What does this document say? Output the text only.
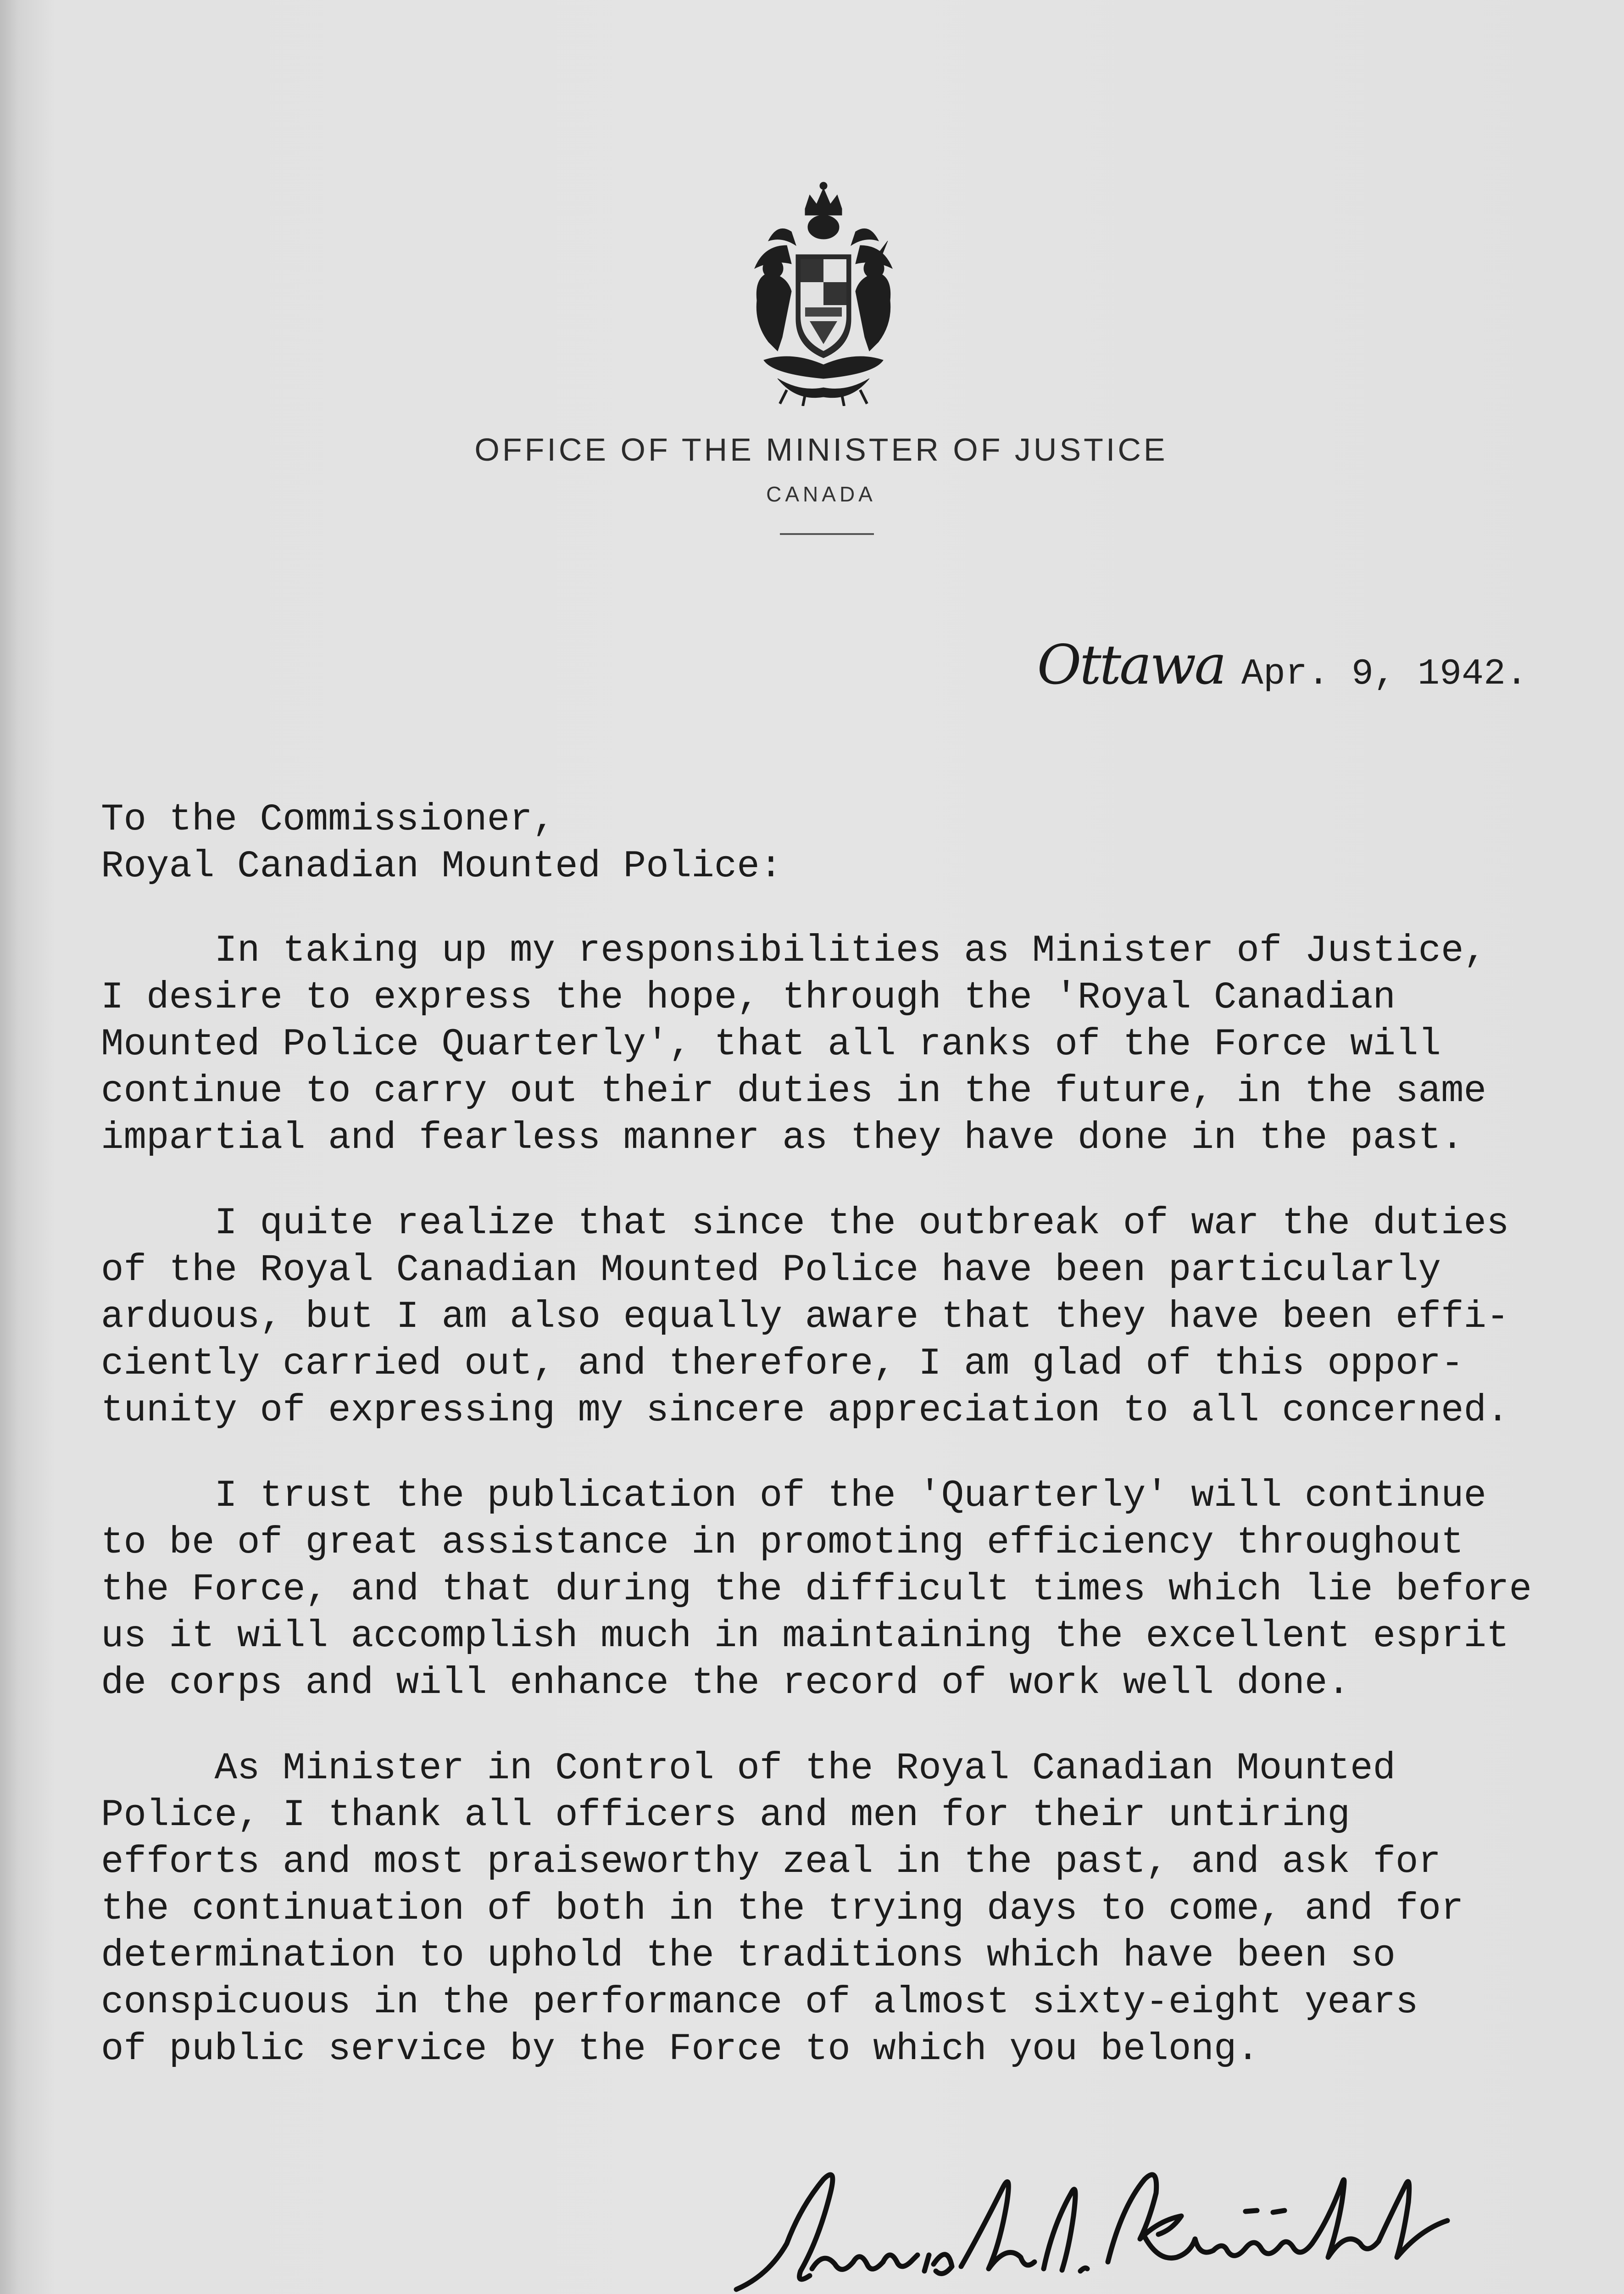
OFFICE OF THE MINISTER OF JUSTICE
CANADA
Ottawa Apr. 9, 1942.
To the Commissioner,
Royal Canadian Mounted Police:
In taking up my responsibilities as Minister of Justice,
I desire to express the hope, through the 'Royal Canadian
Mounted Police Quarterly', that all ranks of the Force will
continue to carry out their duties in the future, in the same
impartial and fearless manner as they have done in the past.
I quite realize that since the outbreak of war the duties
of the Royal Canadian Mounted Police have been particularly
arduous, but I am also equally aware that they have been effi-
ciently carried out, and therefore, I am glad of this oppor-
tunity of expressing my sincere appreciation to all concerned.
I trust the publication of the 'Quarterly' will continue
to be of great assistance in promoting efficiency throughout
the Force, and that during the difficult times which lie before
us it will accomplish much in maintaining the excellent esprit
de corps and will enhance the record of work well done.
As Minister in Control of the Royal Canadian Mounted
Police, I thank all officers and men for their untiring
efforts and most praiseworthy zeal in the past, and ask for
the continuation of both in the trying days to come, and for
determination to uphold the traditions which have been so
conspicuous in the performance of almost sixty-eight years
of public service by the Force to which you belong.
